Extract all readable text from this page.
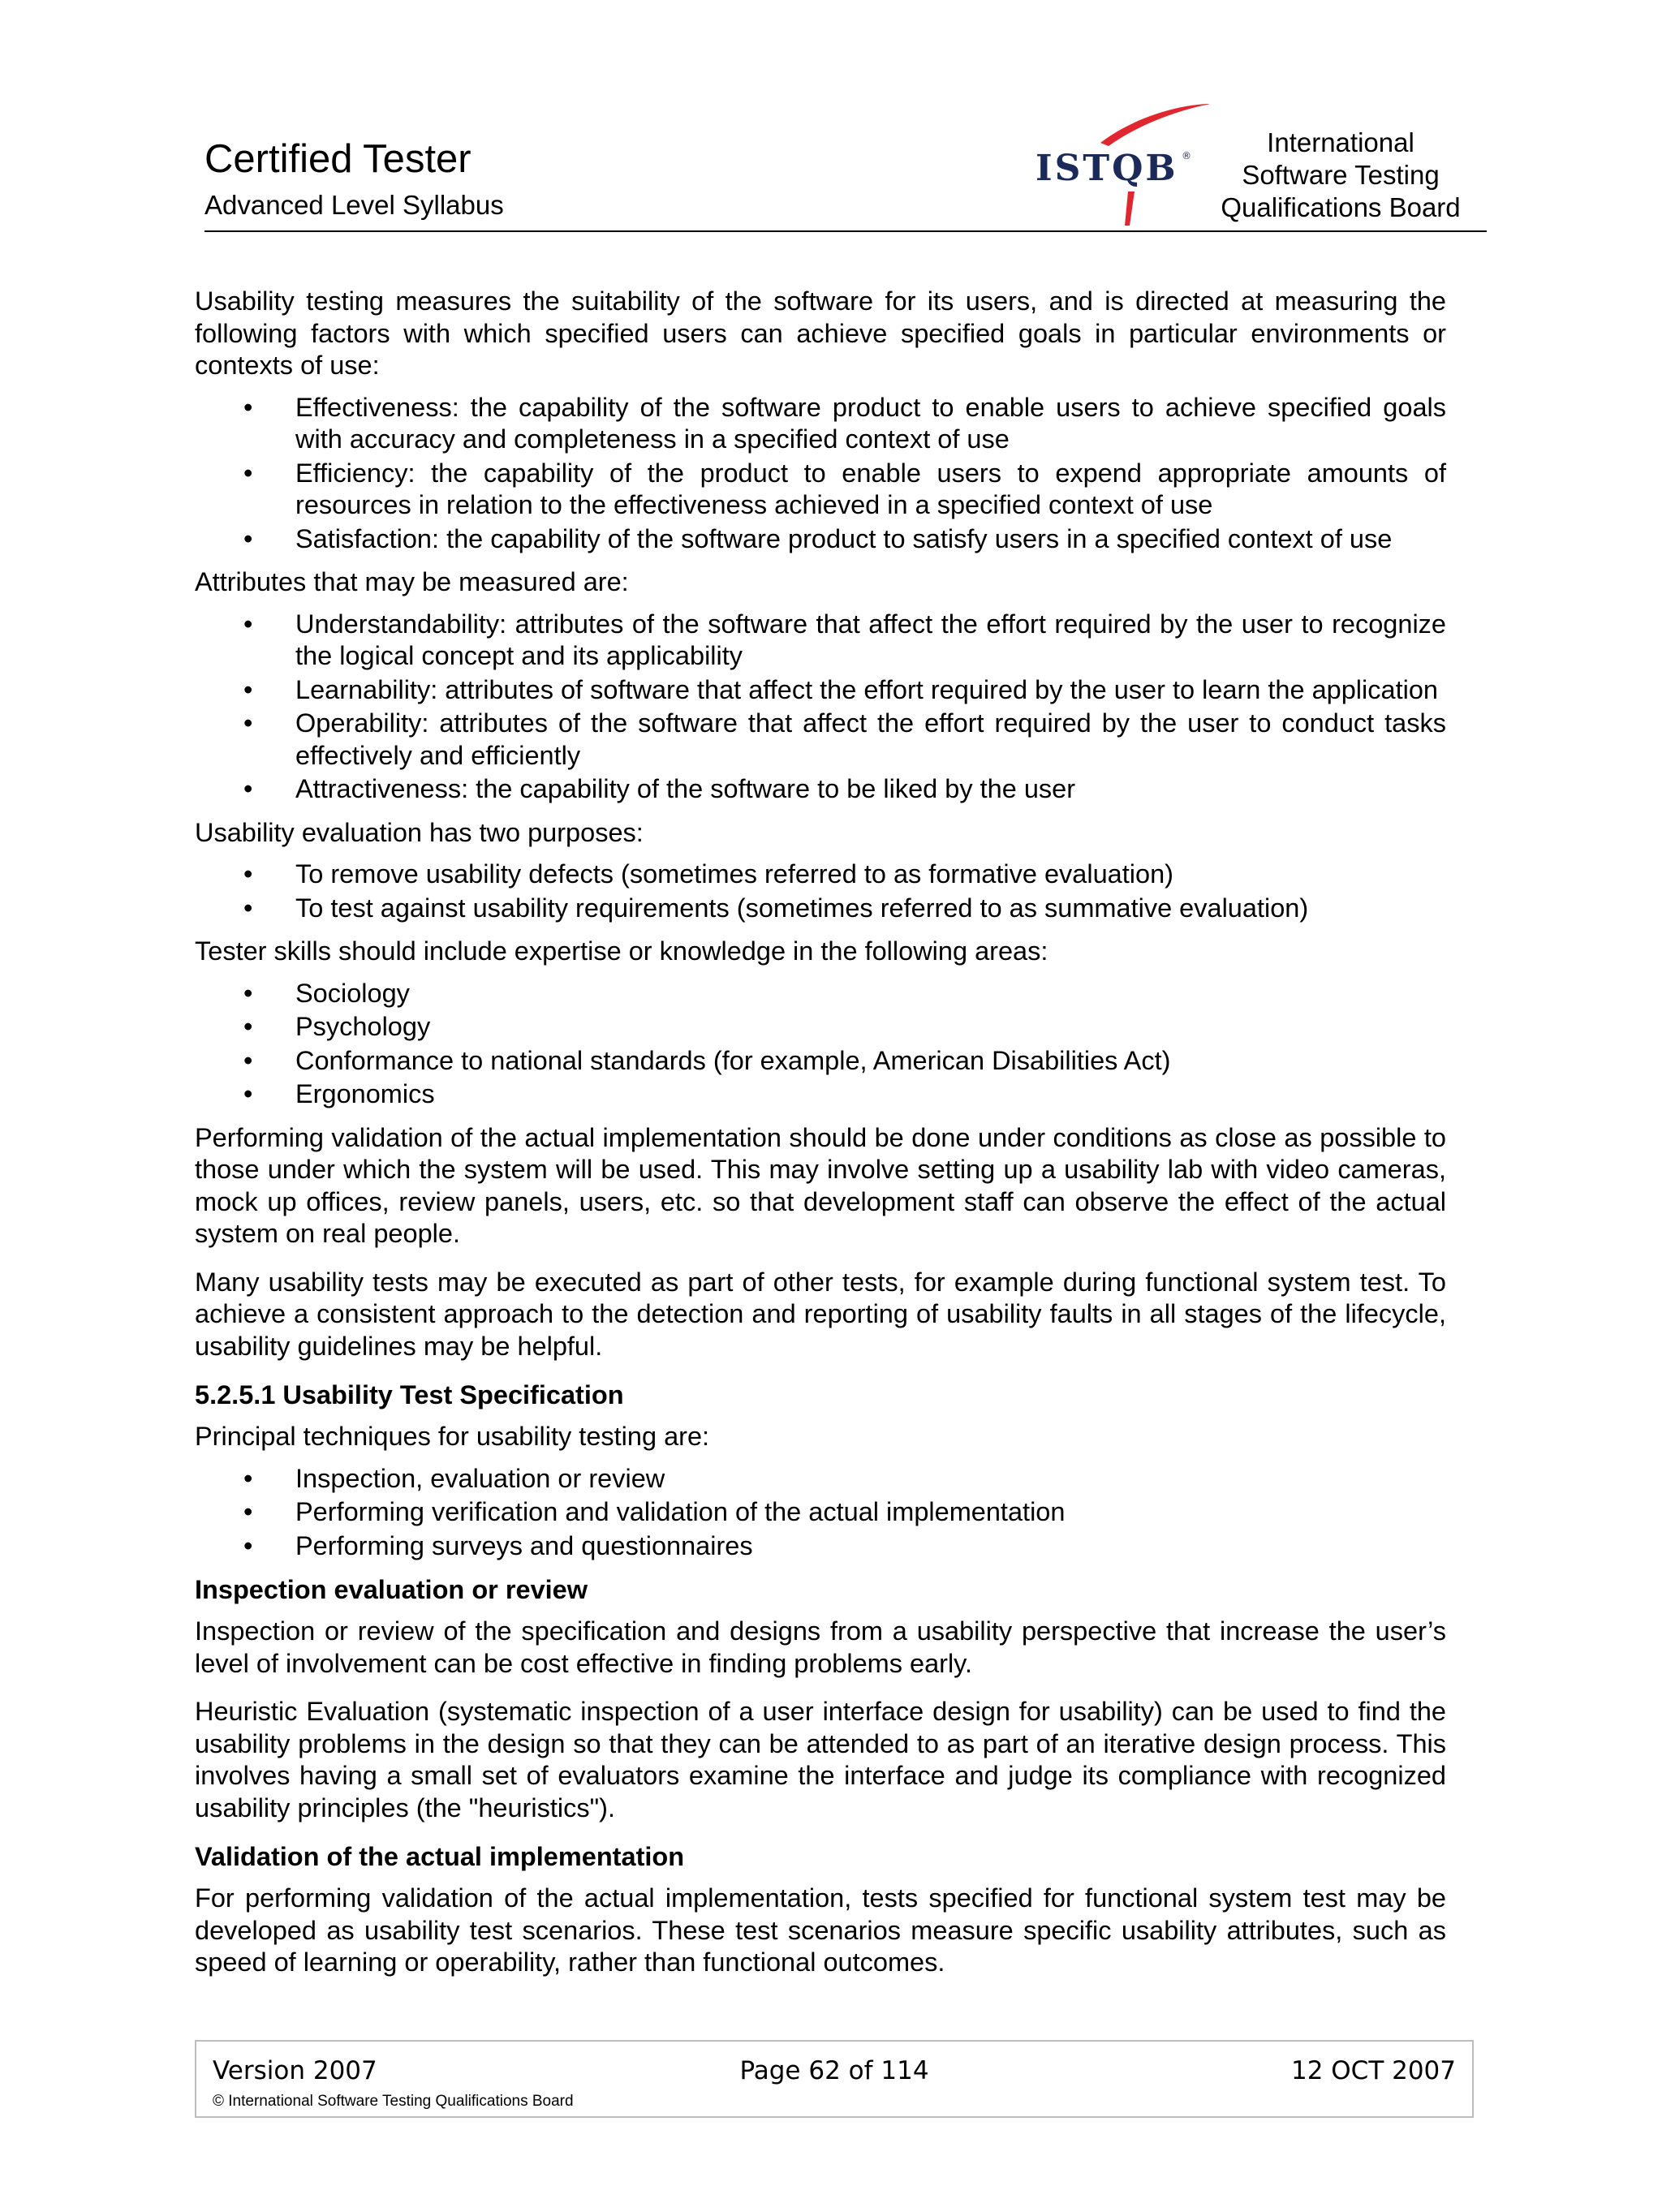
Certified Tester
Advanced Level Syllabus
ISTQB ®	International
Software Testing
Qualifications Board

Usability testing measures the suitability of the software for its users, and is directed at measuring the following factors with which specified users can achieve specified goals in particular environments or contexts of use:

• Effectiveness: the capability of the software product to enable users to achieve specified goals with accuracy and completeness in a specified context of use
• Efficiency: the capability of the product to enable users to expend appropriate amounts of resources in relation to the effectiveness achieved in a specified context of use
• Satisfaction: the capability of the software product to satisfy users in a specified context of use

Attributes that may be measured are:

• Understandability: attributes of the software that affect the effort required by the user to recognize the logical concept and its applicability
• Learnability: attributes of software that affect the effort required by the user to learn the application
• Operability: attributes of the software that affect the effort required by the user to conduct tasks effectively and efficiently
• Attractiveness: the capability of the software to be liked by the user

Usability evaluation has two purposes:

• To remove usability defects (sometimes referred to as formative evaluation)
• To test against usability requirements (sometimes referred to as summative evaluation)

Tester skills should include expertise or knowledge in the following areas:

• Sociology
• Psychology
• Conformance to national standards (for example, American Disabilities Act)
• Ergonomics

Performing validation of the actual implementation should be done under conditions as close as possible to those under which the system will be used. This may involve setting up a usability lab with video cameras, mock up offices, review panels, users, etc. so that development staff can observe the effect of the actual system on real people.

Many usability tests may be executed as part of other tests, for example during functional system test. To achieve a consistent approach to the detection and reporting of usability faults in all stages of the lifecycle, usability guidelines may be helpful.

5.2.5.1 Usability Test Specification

Principal techniques for usability testing are:

• Inspection, evaluation or review
• Performing verification and validation of the actual implementation
• Performing surveys and questionnaires

Inspection evaluation or review

Inspection or review of the specification and designs from a usability perspective that increase the user’s level of involvement can be cost effective in finding problems early.

Heuristic Evaluation (systematic inspection of a user interface design for usability) can be used to find the usability problems in the design so that they can be attended to as part of an iterative design process. This involves having a small set of evaluators examine the interface and judge its compliance with recognized usability principles (the "heuristics").

Validation of the actual implementation

For performing validation of the actual implementation, tests specified for functional system test may be developed as usability test scenarios. These test scenarios measure specific usability attributes, such as speed of learning or operability, rather than functional outcomes.

Page 62 of 114
Version 2007	12 OCT 2007
© International Software Testing Qualifications Board
